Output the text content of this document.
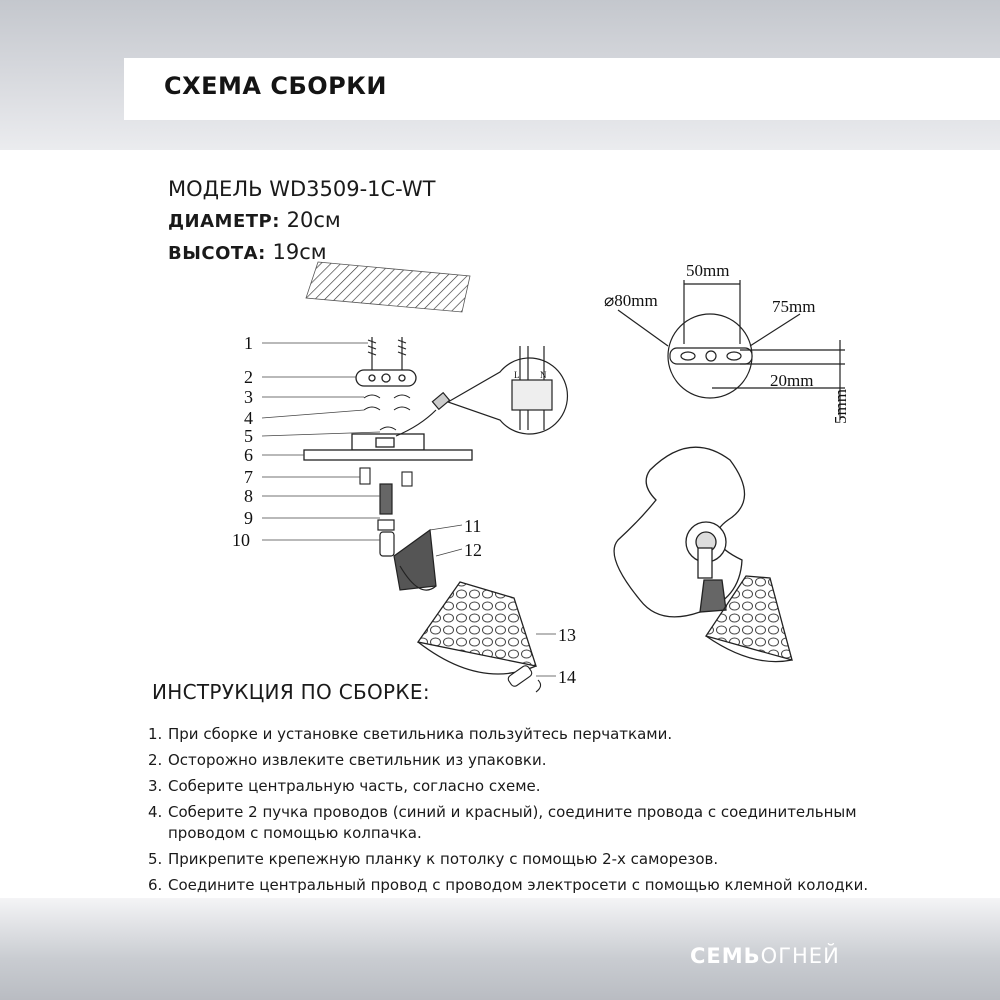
СХЕМА СБОРКИ
МОДЕЛЬ WD3509-1C-WT
ДИАМЕТР: 20см
ВЫСОТА: 19см
L N
1
2
3
4
5
6
7
8
9
10
11
12
13
14
50mm
⌀80mm	75mm
20mm
5mm
ИНСТРУКЦИЯ ПО СБОРКЕ:
1. При сборке и установке светильника пользуйтесь перчатками.
2. Осторожно извлеките светильник из упаковки.
3. Соберите центральную часть, согласно схеме.
4. Соберите 2 пучка проводов (синий и красный), соедините провода с соединительным проводом с помощью колпачка.
5. Прикрепите крепежную планку к потолку с помощью 2-х саморезов.
6. Соедините центральный провод с проводом электросети с помощью клемной колодки.
СЕМЬОГНЕЙ
